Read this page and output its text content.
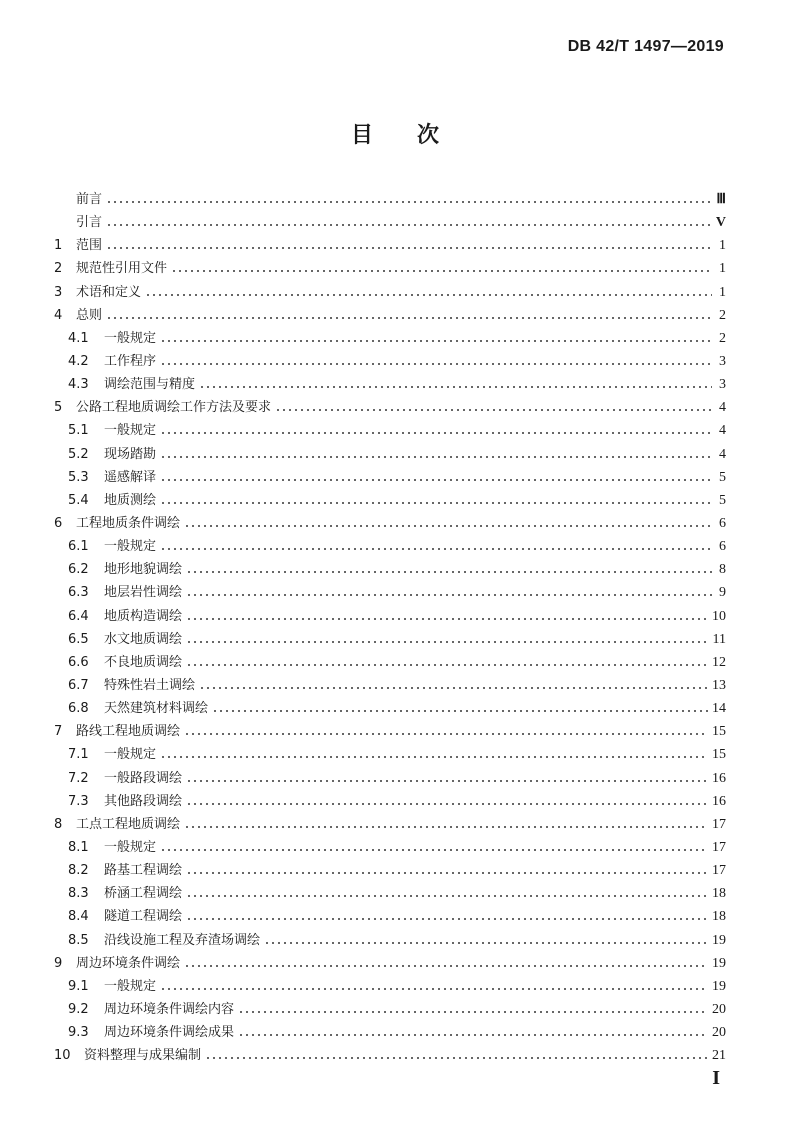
DB 42/T 1497—2019
目 次
前言	Ⅲ
引言	V
1	范围	1
2	规范性引用文件	1
3	术语和定义	1
4	总则	2
4.1	一般规定	2
4.2	工作程序	3
4.3	调绘范围与精度	3
5	公路工程地质调绘工作方法及要求	4
5.1	一般规定	4
5.2	现场踏勘	4
5.3	遥感解译	5
5.4	地质测绘	5
6	工程地质条件调绘	6
6.1	一般规定	6
6.2	地形地貌调绘	8
6.3	地层岩性调绘	9
6.4	地质构造调绘	10
6.5	水文地质调绘	11
6.6	不良地质调绘	12
6.7	特殊性岩土调绘	13
6.8	天然建筑材料调绘	14
7	路线工程地质调绘	15
7.1	一般规定	15
7.2	一般路段调绘	16
7.3	其他路段调绘	16
8	工点工程地质调绘	17
8.1	一般规定	17
8.2	路基工程调绘	17
8.3	桥涵工程调绘	18
8.4	隧道工程调绘	18
8.5	沿线设施工程及弃渣场调绘	19
9	周边环境条件调绘	19
9.1	一般规定	19
9.2	周边环境条件调绘内容	20
9.3	周边环境条件调绘成果	20
10	资料整理与成果编制	21
I
